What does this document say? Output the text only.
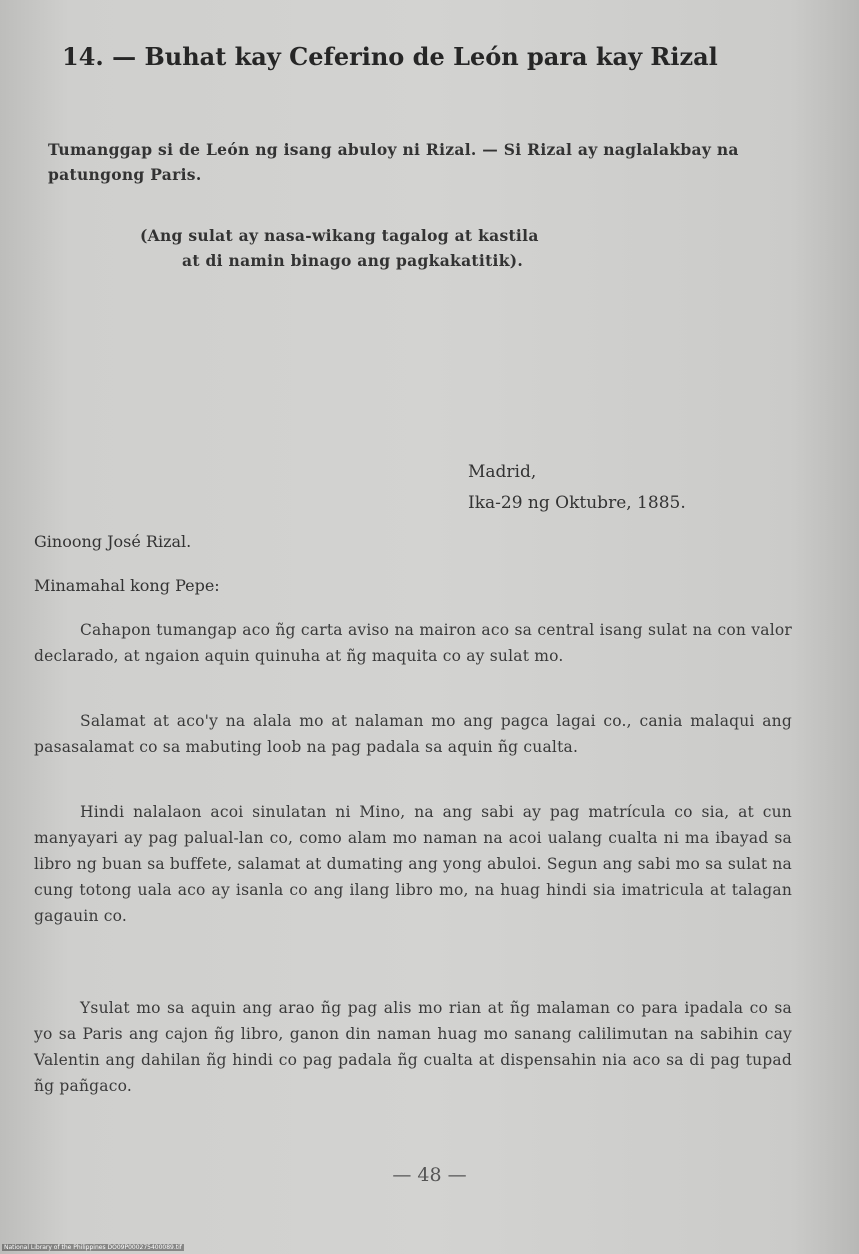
14. — Buhat kay Ceferino de León para kay Rizal
Tumanggap si de León ng isang abuloy ni Rizal. — Si Rizal ay naglalakbay na patungong Paris.
(Ang sulat ay nasa-wikang tagalog at kastila
at di namin binago ang pagkakatitik).
Madrid,
Ika-29 ng Oktubre, 1885.
Ginoong José Rizal.
Minamahal kong Pepe:

Cahapon tumangap aco ñg carta aviso na mairon aco sa central isang sulat na con valor declarado, at ngaion aquin quinuha at ñg maquita co ay sulat mo.

Salamat at aco'y na alala mo at nalaman mo ang pagca lagai co., cania malaqui ang pasasalamat co sa mabuting loob na pag padala sa aquin ñg cualta.

Hindi nalalaon acoi sinulatan ni Mino, na ang sabi ay pag matrícula co sia, at cun manyayari ay pag palual-lan co, como alam mo naman na acoi ualang cualta ni ma ibayad sa libro ng buan sa buffete, salamat at dumating ang yong abuloi. Segun ang sabi mo sa sulat na cung totong uala aco ay isanla co ang ilang libro mo, na huag hindi sia imatricula at talagan gagauin co.

Ysulat mo sa aquin ang arao ñg pag alis mo rian at ñg malaman co para ipadala co sa yo sa Paris ang cajon ñg libro, ganon din naman huag mo sanang calilimutan na sabihin cay Valentin ang dahilan ñg hindi co pag padala ñg cualta at dispensahin nia aco sa di pag tupad ñg pañgaco.

— 48 —
National Library of the Philippines DO09P000275400089.tif
